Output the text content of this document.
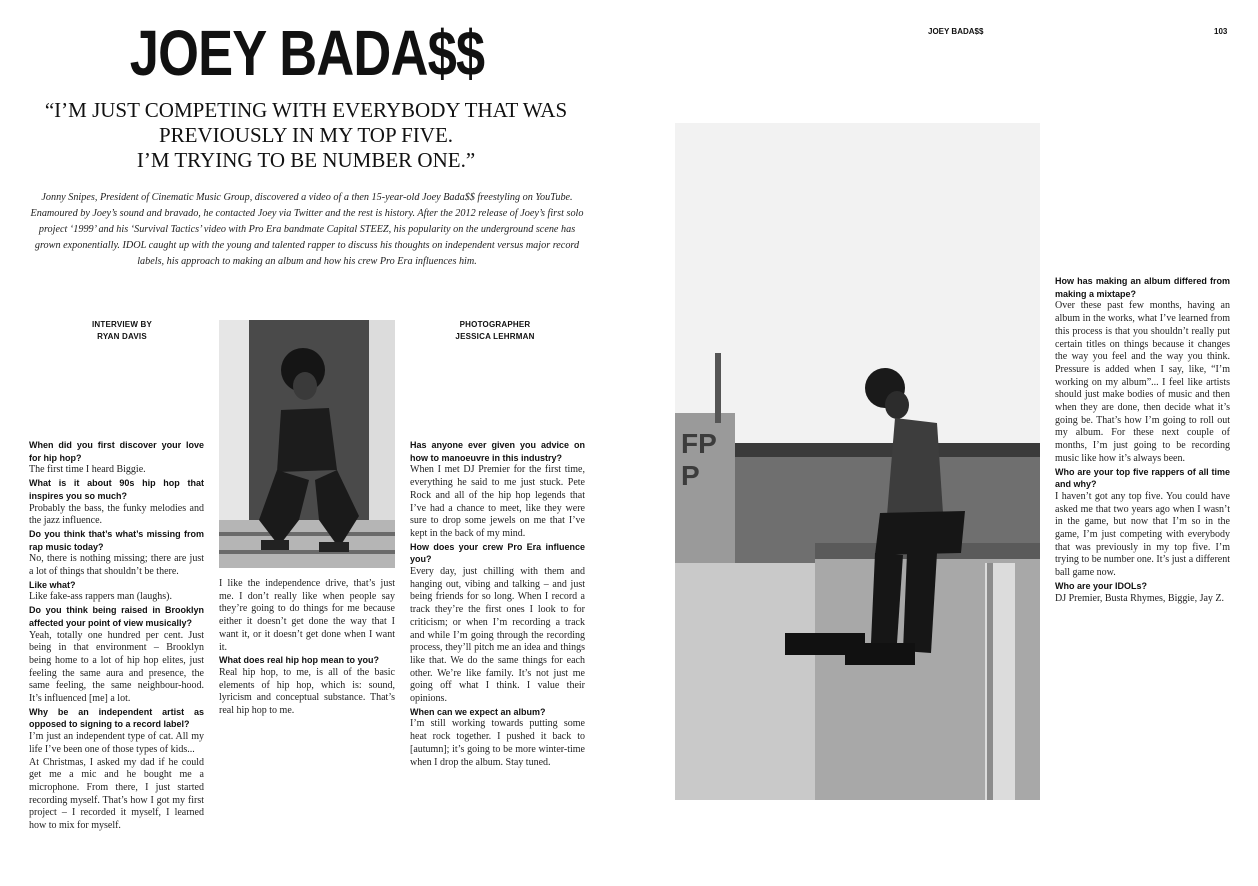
JOEY BADA$$
“I’M JUST COMPETING WITH EVERYBODY THAT WAS
PREVIOUSLY IN MY TOP FIVE.
I’M TRYING TO BE NUMBER ONE.”
Jonny Snipes, President of Cinematic Music Group, discovered a video of a then 15-year-old Joey Bada$$ freestyling on YouTube. Enamoured by Joey’s sound and bravado, he contacted Joey via Twitter and the rest is history. After the 2012 release of Joey’s first solo project ‘1999’ and his ‘Survival Tactics’ video with Pro Era bandmate Capital STEEZ, his popularity on the underground scene has grown exponentially. IDOL caught up with the young and talented rapper to discuss his thoughts on independent versus major record labels, his approach to making an album and how his crew Pro Era influences him.
INTERVIEW BY
RYAN DAVIS
PHOTOGRAPHER
JESSICA LEHRMAN
When did you first discover your love for hip hop?
The first time I heard Biggie.
What is it about 90s hip hop that inspires you so much?
Probably the bass, the funky melodies and the jazz influence.
Do you think that’s what’s missing from rap music today?
No, there is nothing missing; there are just a lot of things that shouldn’t be there.
Like what?
Like fake-ass rappers man (laughs).
Do you think being raised in Brooklyn affected your point of view musically?
Yeah, totally one hundred per cent. Just being in that environment – Brooklyn being home to a lot of hip hop elites, just feeling the same aura and presence, the same feeling, the same neighbour-hood. It’s influenced [me] a lot.
Why be an independent artist as opposed to signing to a record label?
I’m just an independent type of cat. All my life I’ve been one of those types of kids...
At Christmas, I asked my dad if he could get me a mic and he bought me a microphone. From there, I just started recording myself. That’s how I got my first project – I recorded it myself, I learned how to mix for myself.
I like the independence drive, that’s just me. I don’t really like when people say they’re going to do things for me because either it doesn’t get done the way that I want it, or it doesn’t get done when I want it.
What does real hip hop mean to you?
Real hip hop, to me, is all of the basic elements of hip hop, which is: sound, lyricism and conceptual substance. That’s real hip hop to me.
Has anyone ever given you advice on how to manoeuvre in this industry?
When I met DJ Premier for the first time, everything he said to me just stuck. Pete Rock and all of the hip hop legends that I’ve had a chance to meet, like they were sure to drop some jewels on me that I’ve kept in the back of my mind.
How does your crew Pro Era influence you?
Every day, just chilling with them and hanging out, vibing and talking – and just being friends for so long. When I record a track they’re the first ones I look to for criticism; or when I’m recording a track and while I’m going through the recording process, they’ll pitch me an idea and things like that. We do the same things for each other. We’re like family. It’s not just me going off what I think. I value their opinions.
When can we expect an album?
I’m still working towards putting some heat rock together. I pushed it back to [autumn]; it’s going to be more winter-time when I drop the album. Stay tuned.
JOEY BADA$$	103
FP
P
How has making an album differed from making a mixtape?
Over these past few months, having an album in the works, what I’ve learned from this process is that you shouldn’t really put certain titles on things because it changes the way you feel and the way you think. Pressure is added when I say, like, “I’m working on my album”... I feel like artists should just make bodies of music and then when they are done, then decide what it’s going be. That’s how I’m going to roll out my album. For these next couple of months, I’m just going to be recording music like how it’s always been.
Who are your top five rappers of all time and why?
I haven’t got any top five. You could have asked me that two years ago when I wasn’t in the game, but now that I’m so in the game, I’m just competing with everybody that was previously in my top five. I’m trying to be number one. It’s just a different ball game now.
Who are your IDOLs?
DJ Premier, Busta Rhymes, Biggie, Jay Z.
